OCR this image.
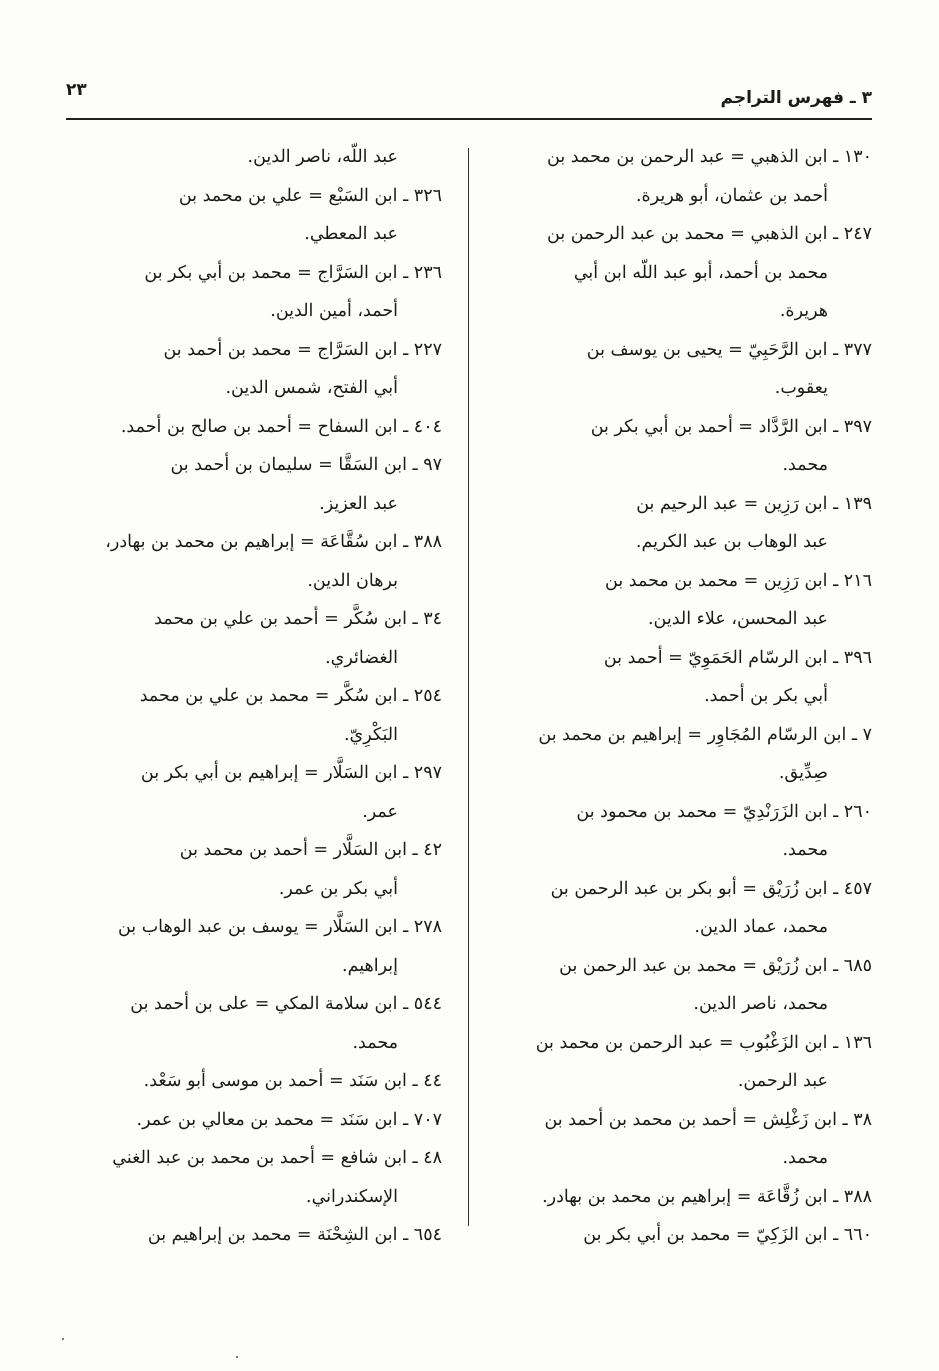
٣ ـ فهرس التراجم
٢٣
١٣٠ ـ ابن الذهبي = عبد الرحمن بن محمد بن
أحمد بن عثمان، أبو هريرة.
٢٤٧ ـ ابن الذهبي = محمد بن عبد الرحمن بن
محمد بن أحمد، أبو عبد اللّه ابن أبي
هريرة.
٣٧٧ ـ ابن الرَّحَبِيّ = يحيى بن يوسف بن
يعقوب.
٣٩٧ ـ ابن الرَّدَّاد = أحمد بن أبي بكر بن
محمد.
١٣٩ ـ ابن رَزِين = عبد الرحيم بن
عبد الوهاب بن عبد الكريم.
٢١٦ ـ ابن رَزِين = محمد بن محمد بن
عبد المحسن، علاء الدين.
٣٩٦ ـ ابن الرسّام الحَمَوِيّ = أحمد بن
أبي بكر بن أحمد.
٧ ـ ابن الرسّام المُجَاوِر = إبراهيم بن محمد بن
صِدِّيق.
٢٦٠ ـ ابن الزَرَنْدِيّ = محمد بن محمود بن
محمد.
٤٥٧ ـ ابن زُرَيْق = أبو بكر بن عبد الرحمن بن
محمد، عماد الدين.
٦٨٥ ـ ابن زُرَيْق = محمد بن عبد الرحمن بن
محمد، ناصر الدين.
١٣٦ ـ ابن الزَغْبُوب = عبد الرحمن بن محمد بن
عبد الرحمن.
٣٨ ـ ابن زَغْلِش = أحمد بن محمد بن أحمد بن
محمد.
٣٨٨ ـ ابن زُقَّاعَة = إبراهيم بن محمد بن بهادر.
٦٦٠ ـ ابن الزَكِيّ = محمد بن أبي بكر بن
عبد اللّه، ناصر الدين.
٣٢٦ ـ ابن السَبْع = علي بن محمد بن
عبد المعطي.
٢٣٦ ـ ابن السَرَّاج = محمد بن أبي بكر بن
أحمد، أمين الدين.
٢٢٧ ـ ابن السَرَّاج = محمد بن أحمد بن
أبي الفتح، شمس الدين.
٤٠٤ ـ ابن السفاح = أحمد بن صالح بن أحمد.
٩٧ ـ ابن السَقَّا = سليمان بن أحمد بن
عبد العزيز.
٣٨٨ ـ ابن سُقَّاعَة = إبراهيم بن محمد بن بهادر،
برهان الدين.
٣٤ ـ ابن سُكَّر = أحمد بن علي بن محمد
الغضائري.
٢٥٤ ـ ابن سُكَّر = محمد بن علي بن محمد
البَكْرِيّ.
٢٩٧ ـ ابن السَلَّار = إبراهيم بن أبي بكر بن
عمر.
٤٢ ـ ابن السَلَّار = أحمد بن محمد بن
أبي بكر بن عمر.
٢٧٨ ـ ابن السَلَّار = يوسف بن عبد الوهاب بن
إبراهيم.
٥٤٤ ـ ابن سلامة المكي = على بن أحمد بن
محمد.
٤٤ ـ ابن سَنَد = أحمد بن موسى أبو سَعْد.
٧٠٧ ـ ابن سَنَد = محمد بن معالي بن عمر.
٤٨ ـ ابن شافع = أحمد بن محمد بن عبد الغني
الإسكندراني.
٦٥٤ ـ ابن الشِحْنَة = محمد بن إبراهيم بن
